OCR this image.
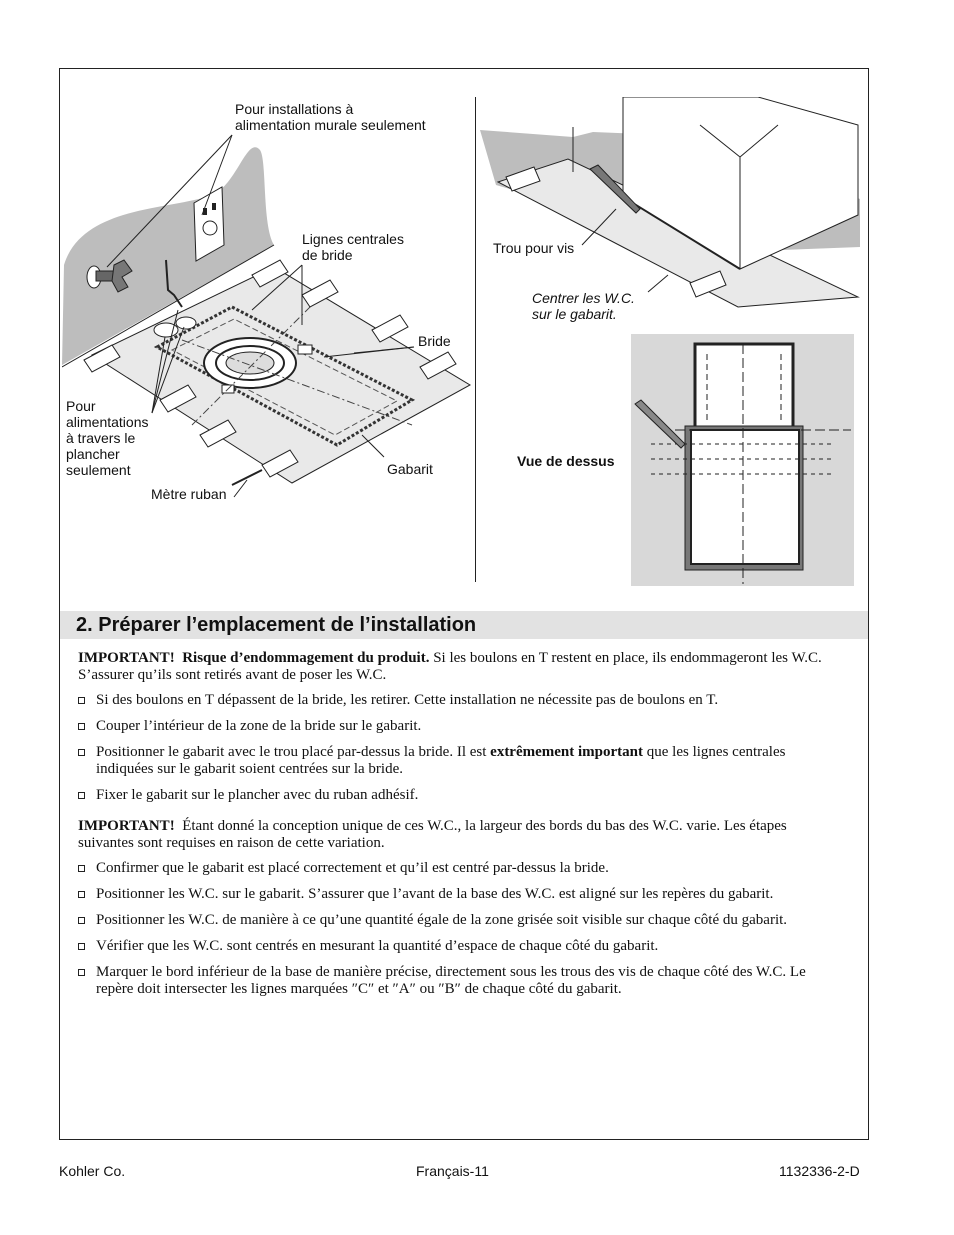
Pour installations à
alimentation murale seulement
Lignes centrales
de bride
Bride
Pour
alimentations
à travers le
plancher
seulement	Gabarit
Mètre ruban
Trou pour vis
Centrer les W.C.
sur le gabarit.
Vue de dessus
2. Préparer l’emplacement de l’installation

IMPORTANT! Risque d’endommagement du produit. Si les boulons en T restent en place, ils endommageront les W.C. S’assurer qu’ils sont retirés avant de poser les W.C.

Si des boulons en T dépassent de la bride, les retirer. Cette installation ne nécessite pas de boulons en T.
Couper l’intérieur de la zone de la bride sur le gabarit.
Positionner le gabarit avec le trou placé par-dessus la bride. Il est extrêmement important que les lignes centrales indiquées sur le gabarit soient centrées sur la bride.
Fixer le gabarit sur le plancher avec du ruban adhésif.

IMPORTANT! Étant donné la conception unique de ces W.C., la largeur des bords du bas des W.C. varie. Les étapes suivantes sont requises en raison de cette variation.

Confirmer que le gabarit est placé correctement et qu’il est centré par-dessus la bride.
Positionner les W.C. sur le gabarit. S’assurer que l’avant de la base des W.C. est aligné sur les repères du gabarit.
Positionner les W.C. de manière à ce qu’une quantité égale de la zone grisée soit visible sur chaque côté du gabarit.
Vérifier que les W.C. sont centrés en mesurant la quantité d’espace de chaque côté du gabarit.
Marquer le bord inférieur de la base de manière précise, directement sous les trous des vis de chaque côté des W.C. Le repère doit intersecter les lignes marquées ″C″ et ″A″ ou ″B″ de chaque côté du gabarit.
Kohler Co.	Français-11	1132336-2-D
